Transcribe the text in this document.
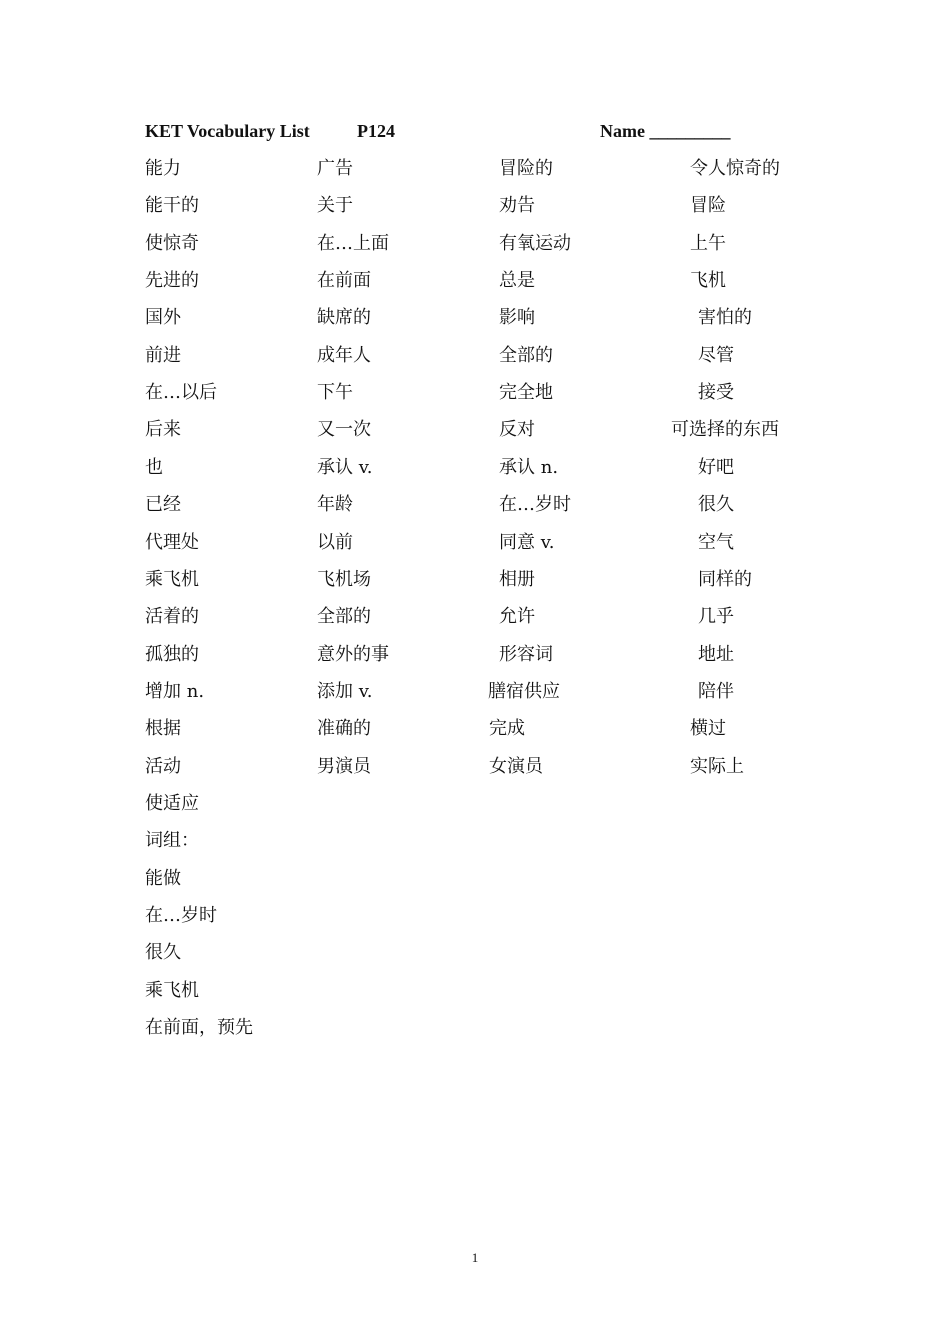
KET Vocabulary List	P124	Name _________
能力
能干的
使惊奇
先进的
国外
前进
在…以后
后来
也
已经
代理处
乘飞机
活着的
孤独的
增加 n.
根据
活动
使适应
词组：
能做
在…岁时
很久
乘飞机
在前面，预先
广告
关于
在…上面
在前面
缺席的
成年人
下午
又一次
承认 v.
年龄
以前
飞机场
全部的
意外的事
添加 v.
准确的
男演员
冒险的
劝告
有氧运动
总是
影响
全部的
完全地
反对
承认 n.
在…岁时
同意 v.
相册
允许
形容词
膳宿供应
完成
女演员
令人惊奇的
冒险
上午
飞机
害怕的
尽管
接受
可选择的东西
好吧
很久
空气
同样的
几乎
地址
陪伴
横过
实际上
1
